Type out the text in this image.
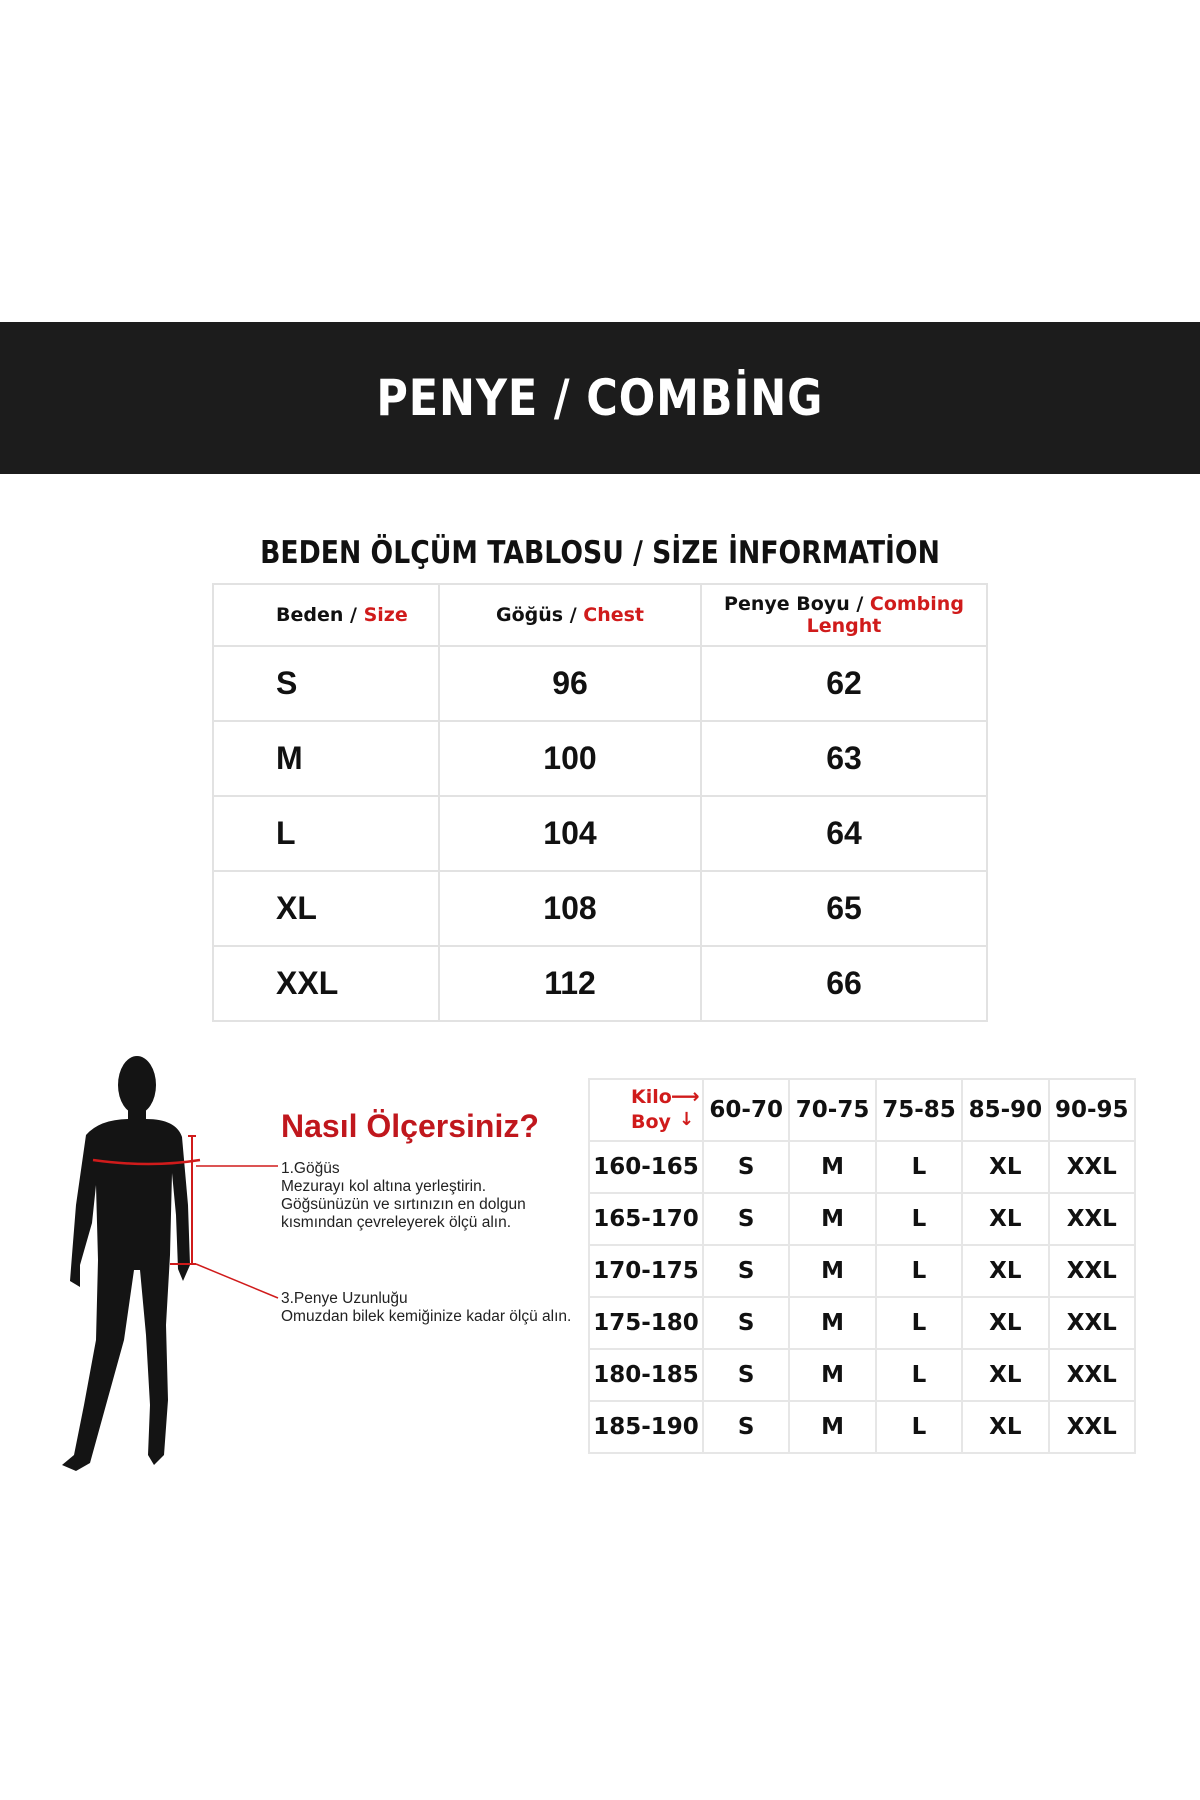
PENYE / COMBİNG
BEDEN ÖLÇÜM TABLOSU / SİZE İNFORMATİON
Beden / Size	Göğüs / Chest	Penye Boyu / Combing Lenght
S	96	62
M	100	63
L	104	64
XL	108	65
XXL	112	66
Nasıl Ölçersiniz?
1.Göğüs
Mezurayı kol altına yerleştirin.
Göğsünüzün ve sırtınızın en dolgun
kısmından çevreleyerek ölçü alın.
3.Penye Uzunluğu
Omuzdan bilek kemiğinize kadar ölçü alın.
Kilo ⟶
Boy ↓	60-70	70-75	75-85	85-90	90-95
160-165	S	M	L	XL	XXL
165-170	S	M	L	XL	XXL
170-175	S	M	L	XL	XXL
175-180	S	M	L	XL	XXL
180-185	S	M	L	XL	XXL
185-190	S	M	L	XL	XXL
